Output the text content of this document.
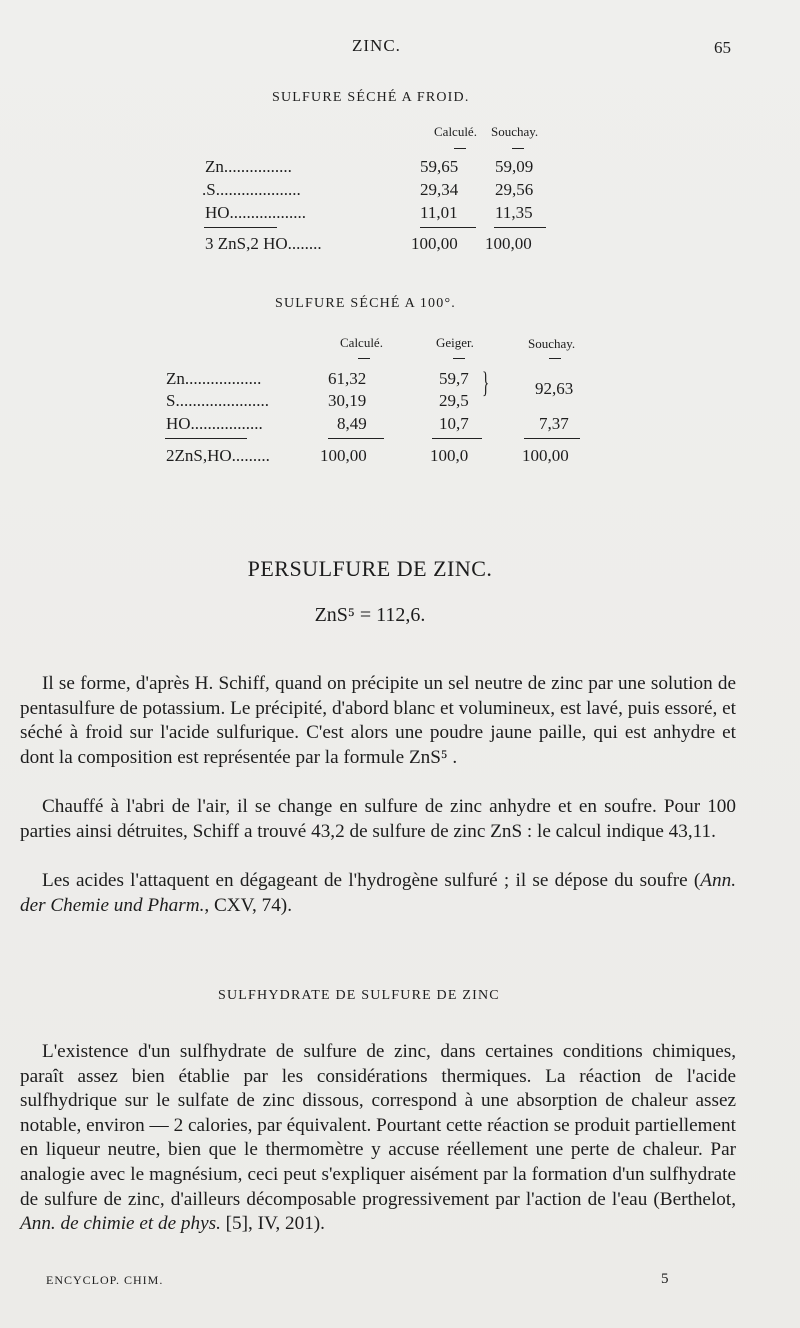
ZINC.	65
SULFURE SÉCHÉ A FROID.
Calculé. Souchay.
Zn................	59,65 59,09
.S....................	29,34 29,56
HO..................	11,01 11,35
3 ZnS,2 HO........	100,00 100,00
SULFURE SÉCHÉ A 100°.
Calculé.	Geiger.	Souchay.
Zn..................	61,32	59,7
S......................	30,19	29,5
}	92,63
HO.................	8,49	10,7	7,37
2ZnS,HO.........	100,00	100,0	100,00
PERSULFURE DE ZINC.
ZnS⁵ = 112,6.

Il se forme, d'après H. Schiff, quand on précipite un sel neutre de zinc par une solution de pentasulfure de potassium. Le précipité, d'abord blanc et volumineux, est lavé, puis essoré, et séché à froid sur l'acide sulfurique. C'est alors une poudre jaune paille, qui est anhydre et dont la composition est représentée par la formule ZnS⁵ .

Chauffé à l'abri de l'air, il se change en sulfure de zinc anhydre et en soufre. Pour 100 parties ainsi détruites, Schiff a trouvé 43,2 de sulfure de zinc ZnS : le calcul indique 43,11.

Les acides l'attaquent en dégageant de l'hydrogène sulfuré ; il se dépose du soufre (Ann. der Chemie und Pharm., CXV, 74).

SULFHYDRATE DE SULFURE DE ZINC

L'existence d'un sulfhydrate de sulfure de zinc, dans certaines conditions chimiques, paraît assez bien établie par les considérations thermiques. La réaction de l'acide sulfhydrique sur le sulfate de zinc dissous, correspond à une absorption de chaleur assez notable, environ — 2 calories, par équivalent. Pourtant cette réaction se produit partiellement en liqueur neutre, bien que le thermomètre y accuse réellement une perte de chaleur. Par analogie avec le magnésium, ceci peut s'expliquer aisément par la formation d'un sulfhydrate de sulfure de zinc, d'ailleurs décomposable progressivement par l'action de l'eau (Berthelot, Ann. de chimie et de phys. [5], IV, 201).

ENCYCLOP. CHIM.	5
